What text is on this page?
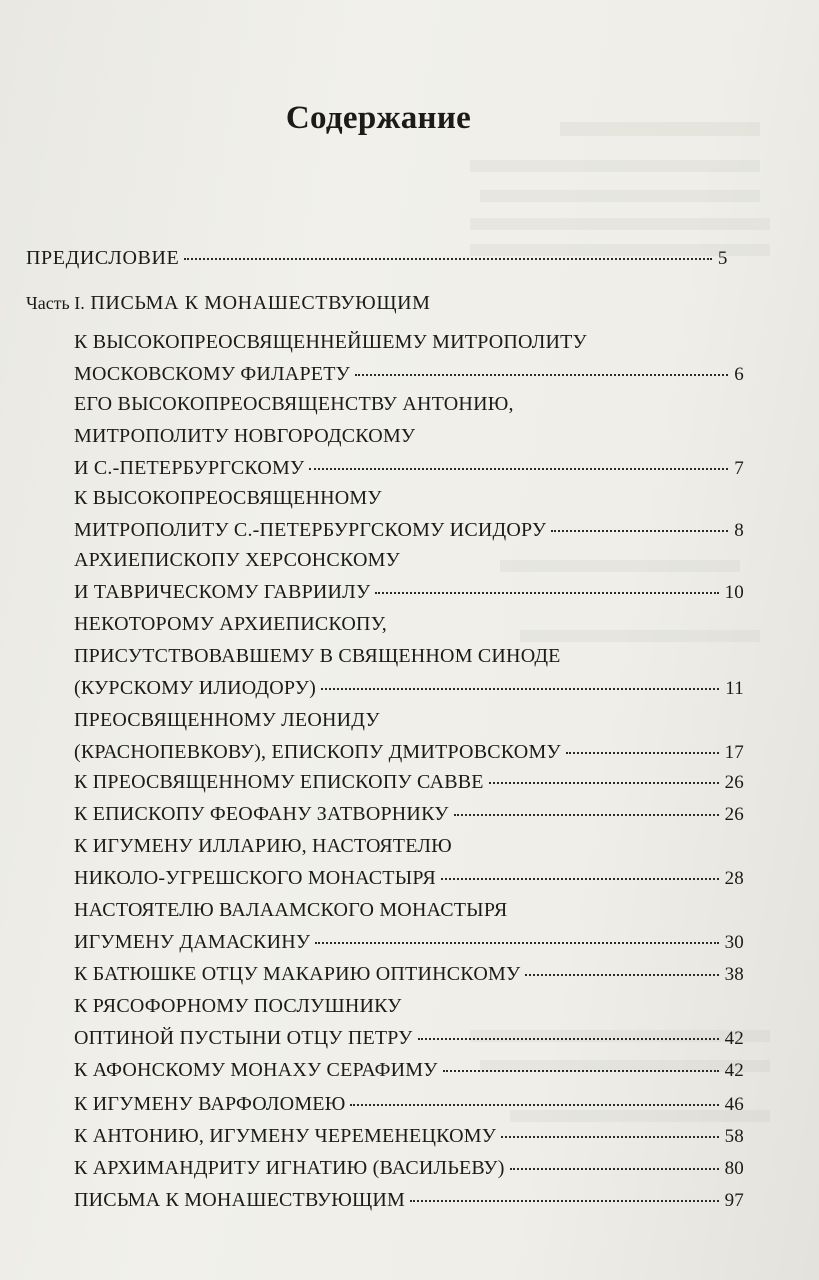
Содержание
ПРЕДИСЛОВИЕ	5
Часть I.
ПИСЬМА К МОНАШЕСТВУЮЩИМ
К ВЫСОКОПРЕОСВЯЩЕННЕЙШЕМУ МИТРОПОЛИТУ
МОСКОВСКОМУ ФИЛАРЕТУ	6
ЕГО ВЫСОКОПРЕОСВЯЩЕНСТВУ АНТОНИЮ,
МИТРОПОЛИТУ НОВГОРОДСКОМУ
И С.-ПЕТЕРБУРГСКОМУ	7
К ВЫСОКОПРЕОСВЯЩЕННОМУ
МИТРОПОЛИТУ С.-ПЕТЕРБУРГСКОМУ ИСИДОРУ	8
АРХИЕПИСКОПУ ХЕРСОНСКОМУ
И ТАВРИЧЕСКОМУ ГАВРИИЛУ	10
НЕКОТОРОМУ АРХИЕПИСКОПУ,
ПРИСУТСТВОВАВШЕМУ В СВЯЩЕННОМ СИНОДЕ
(КУРСКОМУ ИЛИОДОРУ)	11
ПРЕОСВЯЩЕННОМУ ЛЕОНИДУ
(КРАСНОПЕВКОВУ), ЕПИСКОПУ ДМИТРОВСКОМУ	17
К ПРЕОСВЯЩЕННОМУ ЕПИСКОПУ САВВЕ	26
К ЕПИСКОПУ ФЕОФАНУ ЗАТВОРНИКУ	26
К ИГУМЕНУ ИЛЛАРИЮ, НАСТОЯТЕЛЮ
НИКОЛО-УГРЕШСКОГО МОНАСТЫРЯ	28
НАСТОЯТЕЛЮ ВАЛААМСКОГО МОНАСТЫРЯ
ИГУМЕНУ ДАМАСКИНУ	30
К БАТЮШКЕ ОТЦУ МАКАРИЮ ОПТИНСКОМУ	38
К РЯСОФОРНОМУ ПОСЛУШНИКУ
ОПТИНОЙ ПУСТЫНИ ОТЦУ ПЕТРУ	42
К АФОНСКОМУ МОНАХУ СЕРАФИМУ	42
К ИГУМЕНУ ВАРФОЛОМЕЮ	46
К АНТОНИЮ, ИГУМЕНУ ЧЕРЕМЕНЕЦКОМУ	58
К АРХИМАНДРИТУ ИГНАТИЮ (ВАСИЛЬЕВУ)	80
ПИСЬМА К МОНАШЕСТВУЮЩИМ	97
